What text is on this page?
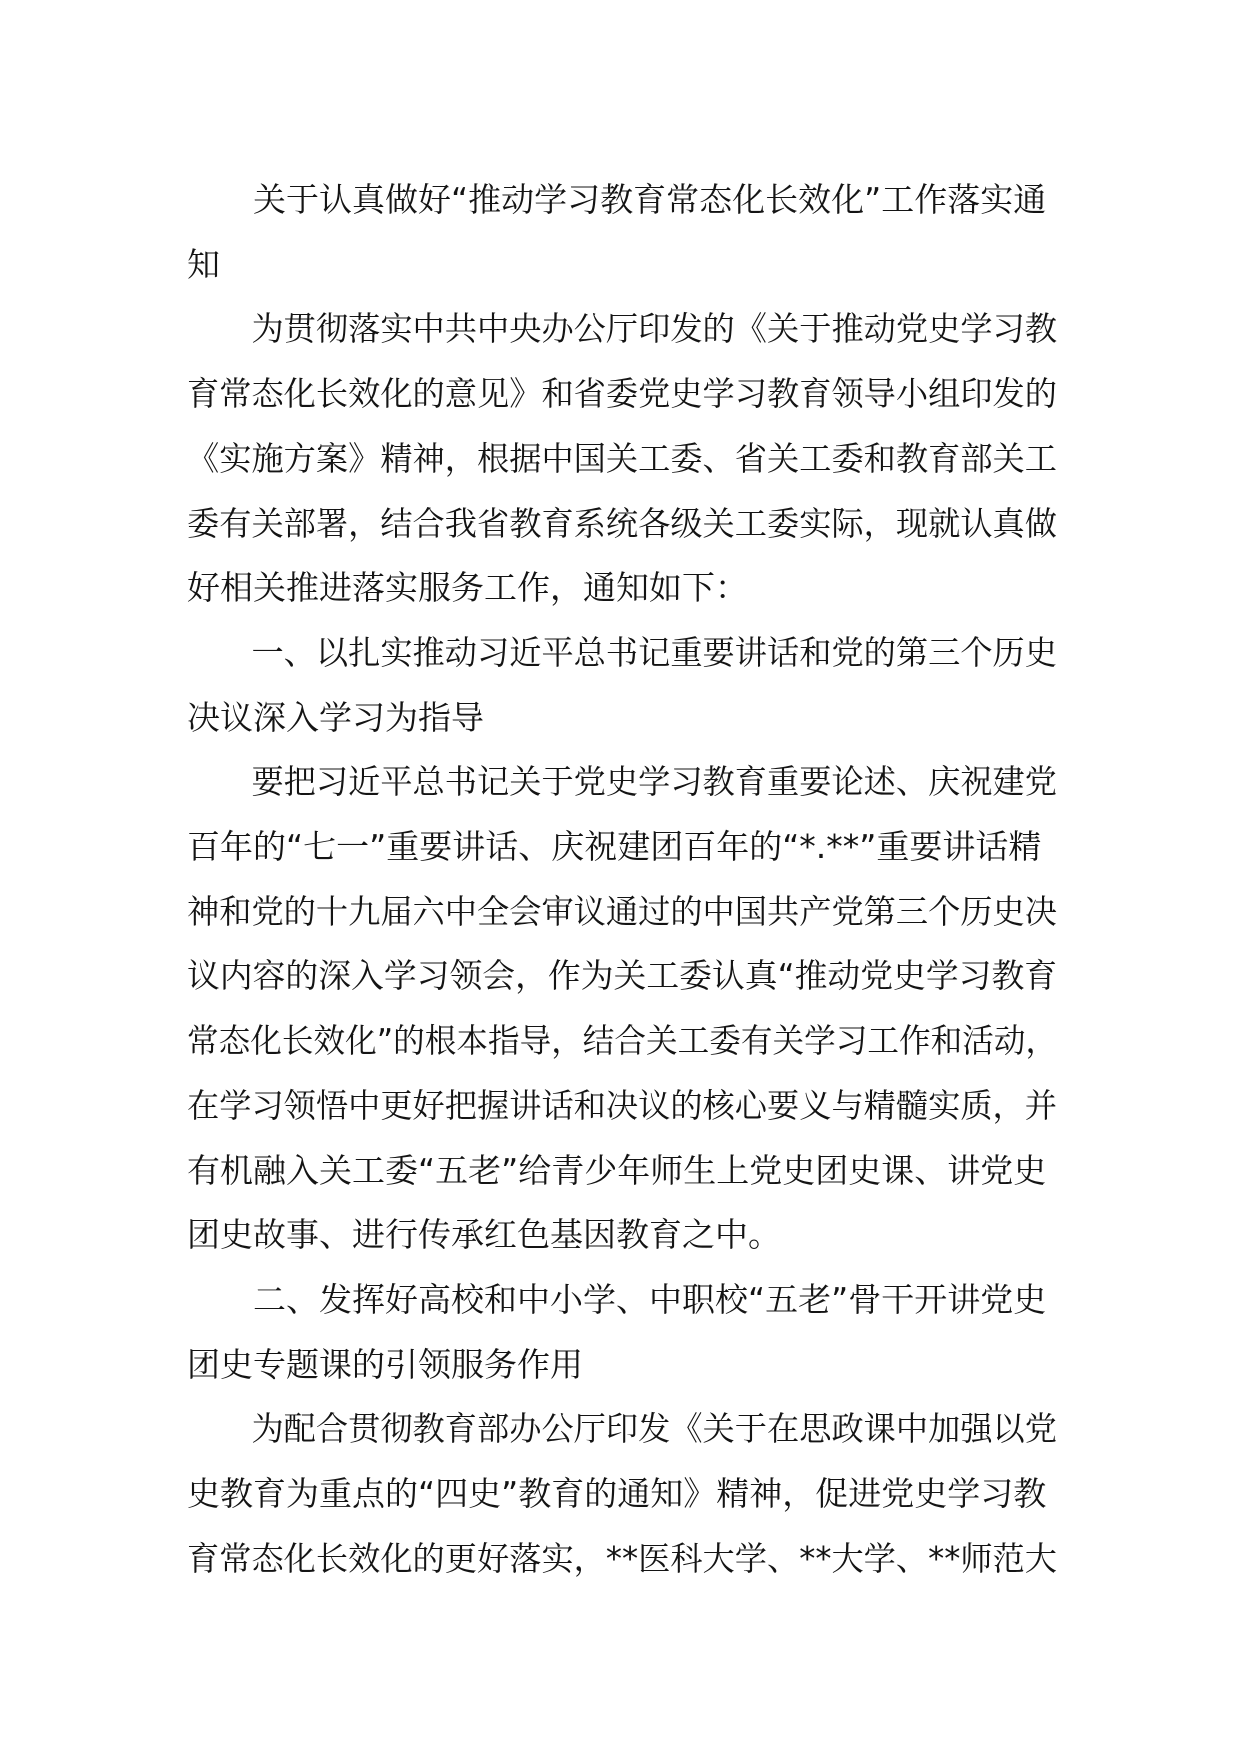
关于认真做好“推动学习教育常态化长效化”工作落实通
知
为贯彻落实中共中央办公厅印发的《关于推动党史学习教
育常态化长效化的意见》和省委党史学习教育领导小组印发的
《实施方案》精神，根据中国关工委、省关工委和教育部关工
委有关部署，结合我省教育系统各级关工委实际，现就认真做
好相关推进落实服务工作，通知如下：
一、以扎实推动习近平总书记重要讲话和党的第三个历史
决议深入学习为指导
要把习近平总书记关于党史学习教育重要论述、庆祝建党
百年的“七一”重要讲话、庆祝建团百年的“*.**”重要讲话精
神和党的十九届六中全会审议通过的中国共产党第三个历史决
议内容的深入学习领会，作为关工委认真“推动党史学习教育
常态化长效化”的根本指导，结合关工委有关学习工作和活动，
在学习领悟中更好把握讲话和决议的核心要义与精髓实质，并
有机融入关工委“五老”给青少年师生上党史团史课、讲党史
团史故事、进行传承红色基因教育之中。
二、发挥好高校和中小学、中职校“五老”骨干开讲党史
团史专题课的引领服务作用
为配合贯彻教育部办公厅印发《关于在思政课中加强以党
史教育为重点的“四史”教育的通知》精神，促进党史学习教
育常态化长效化的更好落实，**医科大学、**大学、**师范大
